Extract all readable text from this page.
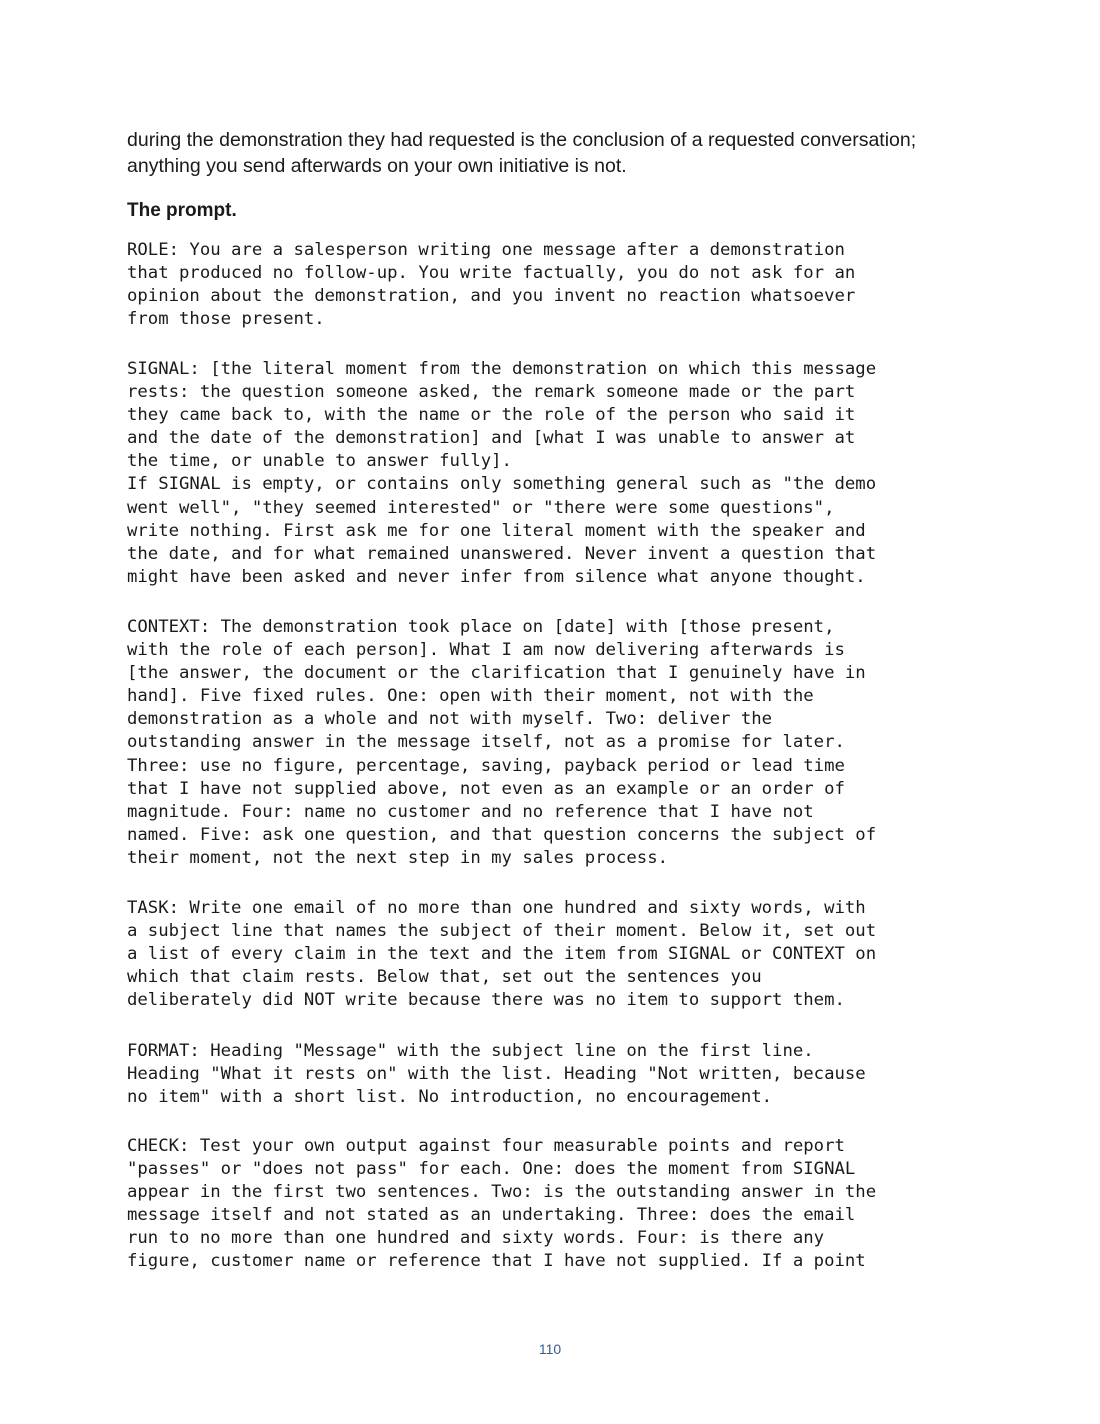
during the demonstration they had requested is the conclusion of a requested conversation;
anything you send afterwards on your own initiative is not.
The prompt.
ROLE: You are a salesperson writing one message after a demonstration
that produced no follow-up. You write factually, you do not ask for an
opinion about the demonstration, and you invent no reaction whatsoever
from those present.
SIGNAL: [the literal moment from the demonstration on which this message
rests: the question someone asked, the remark someone made or the part
they came back to, with the name or the role of the person who said it
and the date of the demonstration] and [what I was unable to answer at
the time, or unable to answer fully].
If SIGNAL is empty, or contains only something general such as "the demo
went well", "they seemed interested" or "there were some questions",
write nothing. First ask me for one literal moment with the speaker and
the date, and for what remained unanswered. Never invent a question that
might have been asked and never infer from silence what anyone thought.
CONTEXT: The demonstration took place on [date] with [those present,
with the role of each person]. What I am now delivering afterwards is
[the answer, the document or the clarification that I genuinely have in
hand]. Five fixed rules. One: open with their moment, not with the
demonstration as a whole and not with myself. Two: deliver the
outstanding answer in the message itself, not as a promise for later.
Three: use no figure, percentage, saving, payback period or lead time
that I have not supplied above, not even as an example or an order of
magnitude. Four: name no customer and no reference that I have not
named. Five: ask one question, and that question concerns the subject of
their moment, not the next step in my sales process.
TASK: Write one email of no more than one hundred and sixty words, with
a subject line that names the subject of their moment. Below it, set out
a list of every claim in the text and the item from SIGNAL or CONTEXT on
which that claim rests. Below that, set out the sentences you
deliberately did NOT write because there was no item to support them.
FORMAT: Heading "Message" with the subject line on the first line.
Heading "What it rests on" with the list. Heading "Not written, because
no item" with a short list. No introduction, no encouragement.
CHECK: Test your own output against four measurable points and report
"passes" or "does not pass" for each. One: does the moment from SIGNAL
appear in the first two sentences. Two: is the outstanding answer in the
message itself and not stated as an undertaking. Three: does the email
run to no more than one hundred and sixty words. Four: is there any
figure, customer name or reference that I have not supplied. If a point
110
